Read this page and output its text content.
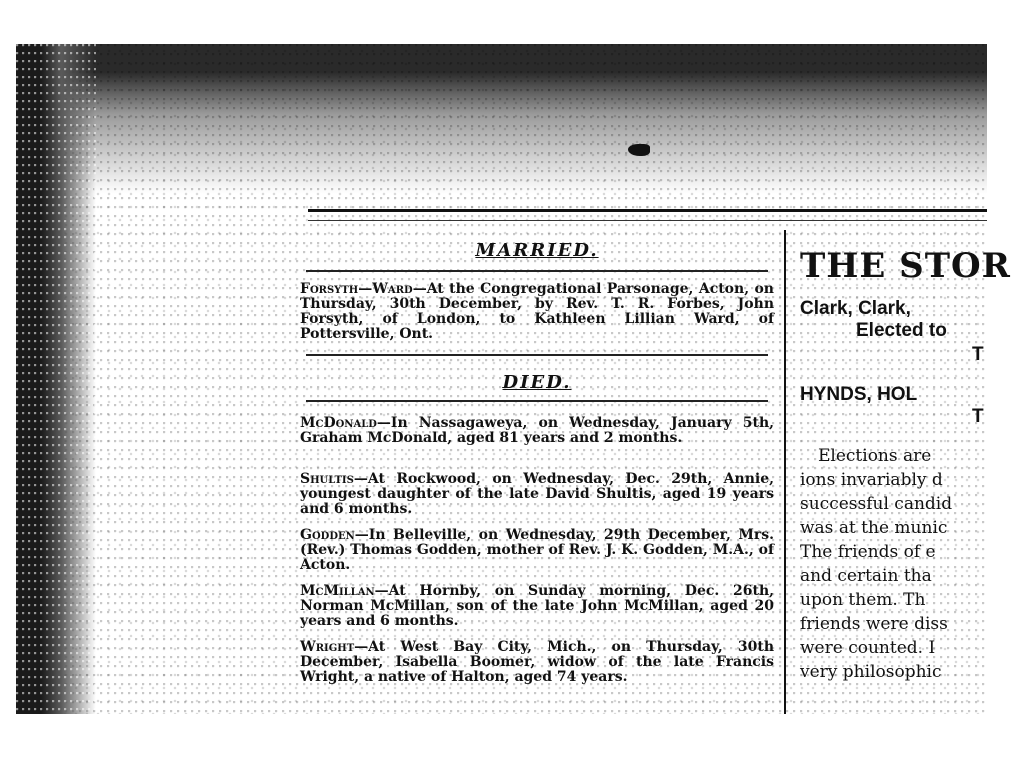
MARRIED.

Forsyth—Ward—At the Congregational Parsonage, Acton, on Thursday, 30th December, by Rev. T. R. Forbes, John Forsyth, of London, to Kathleen Lillian Ward, of Pottersville, Ont.

DIED.

McDonald—In Nassagaweya, on Wednesday, January 5th, Graham McDonald, aged 81 years and 2 months.

Shultis—At Rockwood, on Wednesday, Dec. 29th, Annie, youngest daughter of the late David Shultis, aged 19 years and 6 months.

Godden—In Belleville, on Wednesday, 29th December, Mrs. (Rev.) Thomas Godden, mother of Rev. J. K. Godden, M.A., of Acton.

McMillan—At Hornby, on Sunday morning, Dec. 26th, Norman McMillan, son of the late John McMillan, aged 20 years and 6 months.

Wright—At West Bay City, Mich., on Thursday, 30th December, Isabella Boomer, widow of the late Francis Wright, a native of Halton, aged 74 years.

THE STOR
Clark, Clark,
Elected to
T
HYNDS, HOL
T
Elections are
ions invariably d
successful candid
was at the munic
The friends of e
and certain tha
upon them. Th
friends were diss
were counted. I
very philosophic
